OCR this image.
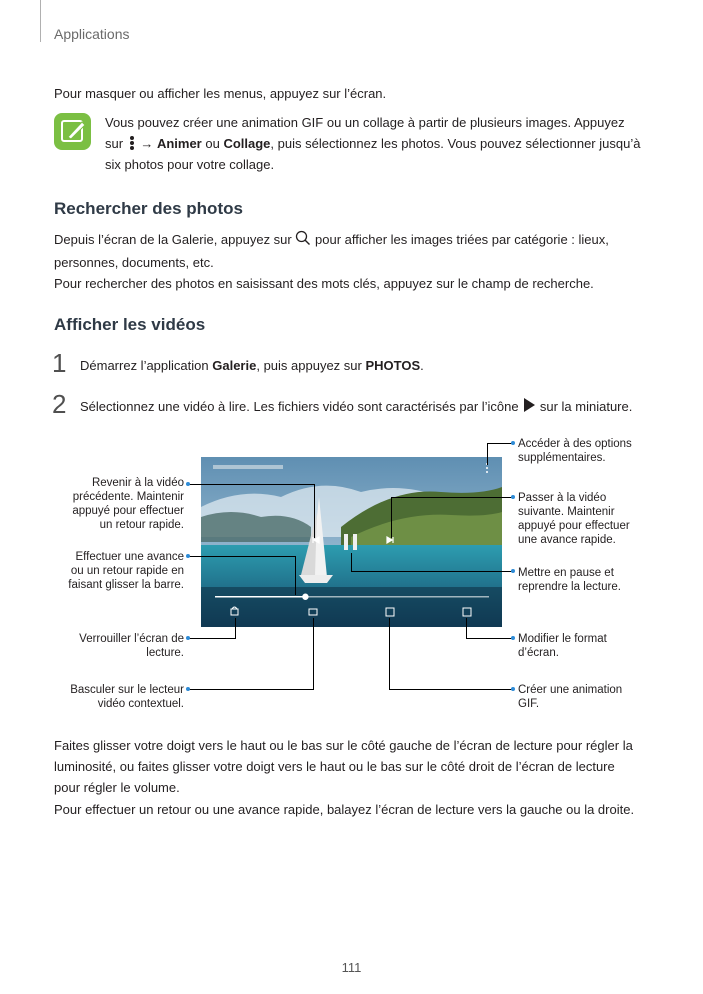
Applications
Pour masquer ou afficher les menus, appuyez sur l’écran.
Vous pouvez créer une animation GIF ou un collage à partir de plusieurs images. Appuyez
sur → Animer ou Collage, puis sélectionnez les photos. Vous pouvez sélectionner jusqu’à
six photos pour votre collage.
Rechercher des photos
Depuis l’écran de la Galerie, appuyez sur pour afficher les images triées par catégorie : lieux,
personnes, documents, etc.
Pour rechercher des photos en saisissant des mots clés, appuyez sur le champ de recherche.
Afficher les vidéos
1 Démarrez l’application Galerie, puis appuyez sur PHOTOS.
2 Sélectionnez une vidéo à lire. Les fichiers vidéo sont caractérisés par l’icône sur la miniature.
Accéder à des options
supplémentaires.
Revenir à la vidéo
précédente. Maintenir
appuyé pour effectuer
un retour rapide.
Passer à la vidéo
suivante. Maintenir
appuyé pour effectuer
une avance rapide.
Effectuer une avance
ou un retour rapide en
faisant glisser la barre.
Mettre en pause et
reprendre la lecture.
Verrouiller l’écran de
lecture.
Modifier le format
d’écran.
Basculer sur le lecteur
vidéo contextuel.
Créer une animation
GIF.
Faites glisser votre doigt vers le haut ou le bas sur le côté gauche de l’écran de lecture pour régler la
luminosité, ou faites glisser votre doigt vers le haut ou le bas sur le côté droit de l’écran de lecture
pour régler le volume.
Pour effectuer un retour ou une avance rapide, balayez l’écran de lecture vers la gauche ou la droite.
111
